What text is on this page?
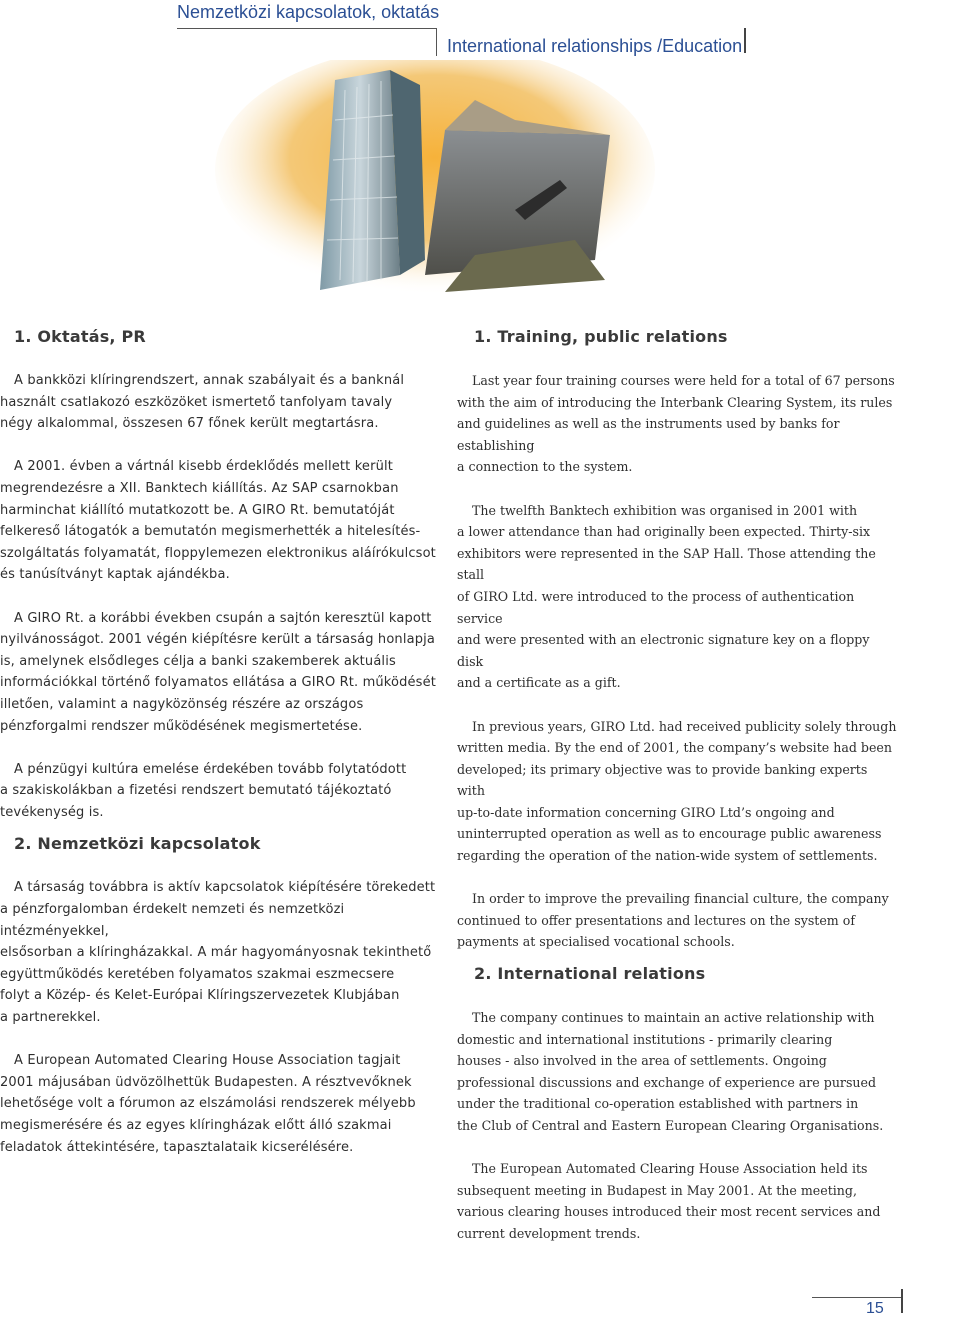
Nemzetközi kapcsolatok, oktatás
International relationships /Education
1. Oktatás, PR

A bankközi klíringrendszert, annak szabályait és a banknál
használt csatlakozó eszközöket ismertető tanfolyam tavaly
négy alkalommal, összesen 67 főnek került megtartásra.

A 2001. évben a vártnál kisebb érdeklődés mellett került
megrendezésre a XII. Banktech kiállítás. Az SAP csarnokban
harminchat kiállító mutatkozott be. A GIRO Rt. bemutatóját
felkereső látogatók a bemutatón megismerhették a hitelesítés-
szolgáltatás folyamatát, floppylemezen elektronikus aláírókulcsot
és tanúsítványt kaptak ajándékba.

A GIRO Rt. a korábbi években csupán a sajtón keresztül kapott
nyilvánosságot. 2001 végén kiépítésre került a társaság honlapja
is, amelynek elsődleges célja a banki szakemberek aktuális
információkkal történő folyamatos ellátása a GIRO Rt. működését
illetően, valamint a nagyközönség részére az országos
pénzforgalmi rendszer működésének megismertetése.

A pénzügyi kultúra emelése érdekében tovább folytatódott
a szakiskolákban a fizetési rendszert bemutató tájékoztató
tevékenység is.

2. Nemzetközi kapcsolatok

A társaság továbbra is aktív kapcsolatok kiépítésére törekedett
a pénzforgalomban érdekelt nemzeti és nemzetközi intézményekkel,
elsősorban a klíringházakkal. A már hagyományosnak tekinthető
együttműködés keretében folyamatos szakmai eszmecsere
folyt a Közép- és Kelet-Európai Klíringszervezetek Klubjában
a partnerekkel.

A European Automated Clearing House Association tagjait
2001 májusában üdvözölhettük Budapesten. A résztvevőknek
lehetősége volt a fórumon az elszámolási rendszerek mélyebb
megismerésére és az egyes klíringházak előtt álló szakmai
feladatok áttekintésére, tapasztalataik kicserélésére.

1. Training, public relations

Last year four training courses were held for a total of 67 persons
with the aim of introducing the Interbank Clearing System, its rules
and guidelines as well as the instruments used by banks for establishing
a connection to the system.

The twelfth Banktech exhibition was organised in 2001 with
a lower attendance than had originally been expected. Thirty-six
exhibitors were represented in the SAP Hall. Those attending the stall
of GIRO Ltd. were introduced to the process of authentication service
and were presented with an electronic signature key on a floppy disk
and a certificate as a gift.

In previous years, GIRO Ltd. had received publicity solely through
written media. By the end of 2001, the company’s website had been
developed; its primary objective was to provide banking experts with
up-to-date information concerning GIRO Ltd’s ongoing and
uninterrupted operation as well as to encourage public awareness
regarding the operation of the nation-wide system of settlements.

In order to improve the prevailing financial culture, the company
continued to offer presentations and lectures on the system of
payments at specialised vocational schools.

2. International relations

The company continues to maintain an active relationship with
domestic and international institutions - primarily clearing
houses - also involved in the area of settlements. Ongoing
professional discussions and exchange of experience are pursued
under the traditional co-operation established with partners in
the Club of Central and Eastern European Clearing Organisations.

The European Automated Clearing House Association held its
subsequent meeting in Budapest in May 2001. At the meeting,
various clearing houses introduced their most recent services and
current development trends.

15
